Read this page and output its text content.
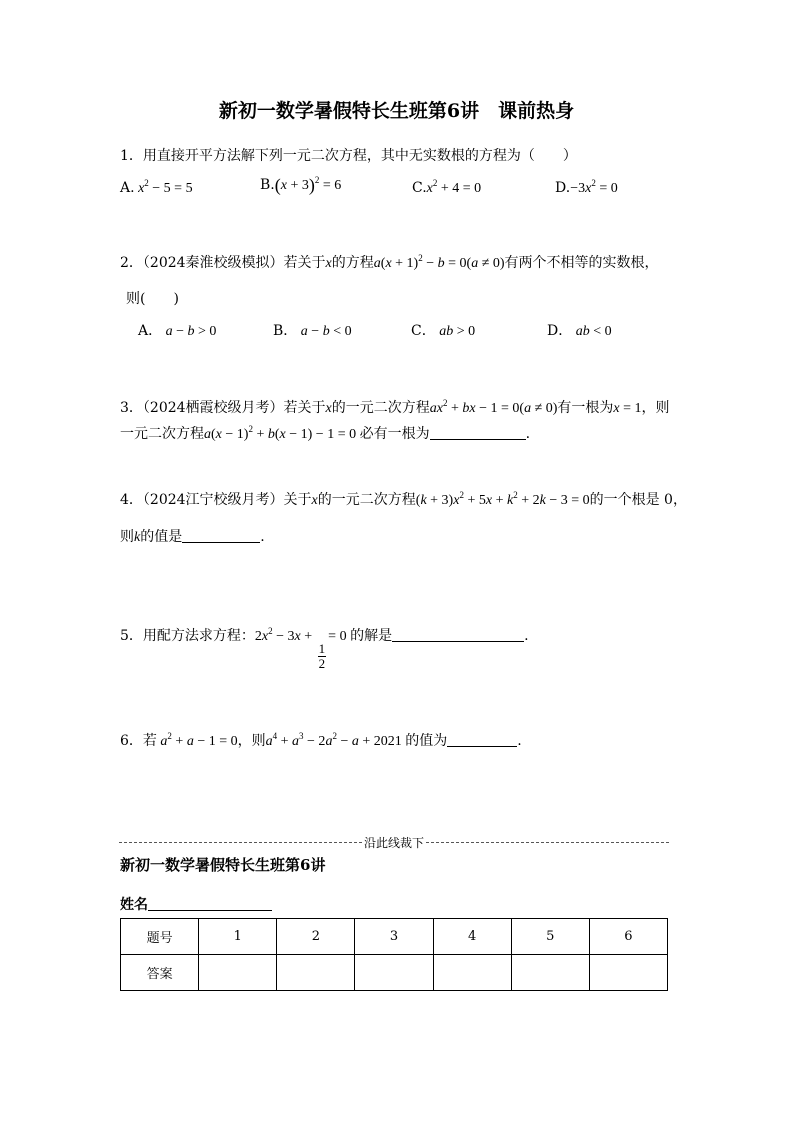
新初一数学暑假特长生班第6讲　课前热身
1．用直接开平方法解下列一元二次方程，其中无实数根的方程为（　　）
A. $x^2 - 5 = 5$	$B.(x + 3)^2 = 6$	$C.x^2 + 4 = 0$	$D.-3x^2 = 0$
2．（2024秦淮校级模拟）若关于x的方程$a(x + 1)^2 - b = 0(a \ne 0)$有两个不相等的实数根，
则(　　)
A． a − b > 0	B． a − b < 0	C． ab > 0	D． ab < 0
3．（2024栖霞校级月考）若关于x的一元二次方程$ax^2$ + bx − 1 = 0(a ≠ 0)有一根为x = 1，则
一元二次方程$a(x - 1)^2 + b(x - 1) - 1 = 0$ 必有一根为	.
4．（2024江宁校级月考）关于x的一元二次方程$(k + 3)x^2 + 5x + k^2 + 2k - 3 = 0$的一个根是 0，
则k的值是	.
5．用配方法求方程：$2x^2 - 3x$ +
$\frac{1}{2}$
= 0 的解是	.
6．若 $a^2 + a - 1 = 0$，则$a^4 + a^3 - 2a^2 - a + 2021$ 的值为	.
沿此线裁下
新初一数学暑假特长生班第6讲
姓名
题号	1	2	3	4	5	6
答案						
